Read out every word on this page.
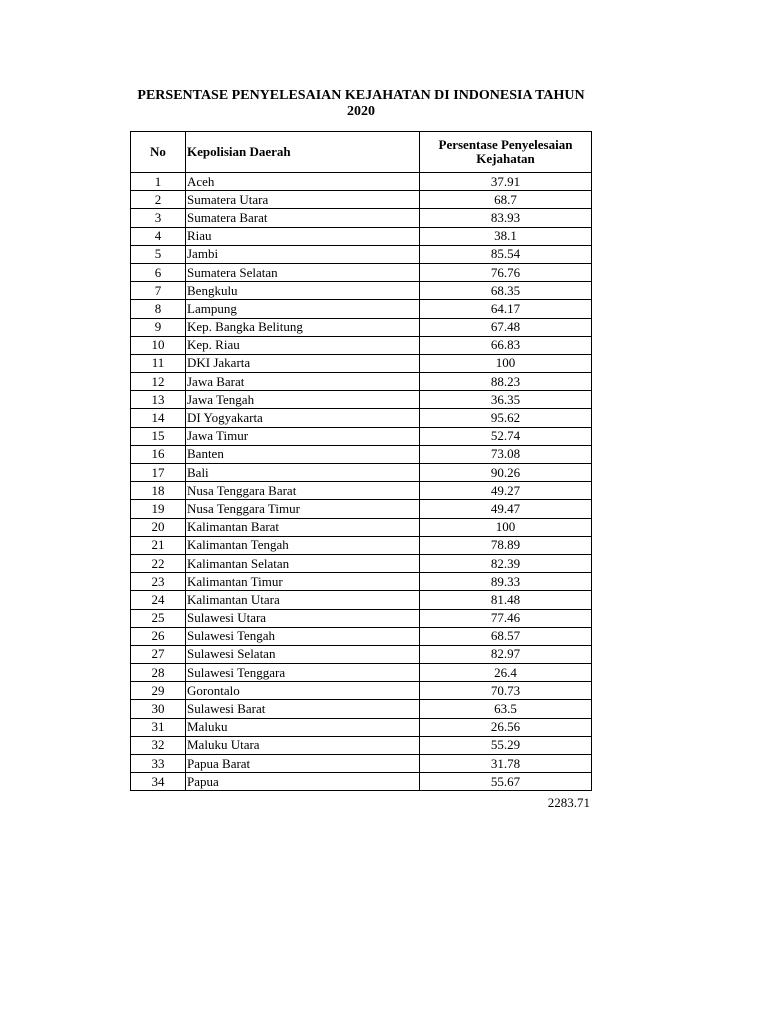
PERSENTASE PENYELESAIAN KEJAHATAN DI INDONESIA TAHUN 2020
No	Kepolisian Daerah	Persentase Penyelesaian Kejahatan
1	Aceh	37.91
2	Sumatera Utara	68.7
3	Sumatera Barat	83.93
4	Riau	38.1
5	Jambi	85.54
6	Sumatera Selatan	76.76
7	Bengkulu	68.35
8	Lampung	64.17
9	Kep. Bangka Belitung	67.48
10	Kep. Riau	66.83
11	DKI Jakarta	100
12	Jawa Barat	88.23
13	Jawa Tengah	36.35
14	DI Yogyakarta	95.62
15	Jawa Timur	52.74
16	Banten	73.08
17	Bali	90.26
18	Nusa Tenggara Barat	49.27
19	Nusa Tenggara Timur	49.47
20	Kalimantan Barat	100
21	Kalimantan Tengah	78.89
22	Kalimantan Selatan	82.39
23	Kalimantan Timur	89.33
24	Kalimantan Utara	81.48
25	Sulawesi Utara	77.46
26	Sulawesi Tengah	68.57
27	Sulawesi Selatan	82.97
28	Sulawesi Tenggara	26.4
29	Gorontalo	70.73
30	Sulawesi Barat	63.5
31	Maluku	26.56
32	Maluku Utara	55.29
33	Papua Barat	31.78
34	Papua	55.67
2283.71
